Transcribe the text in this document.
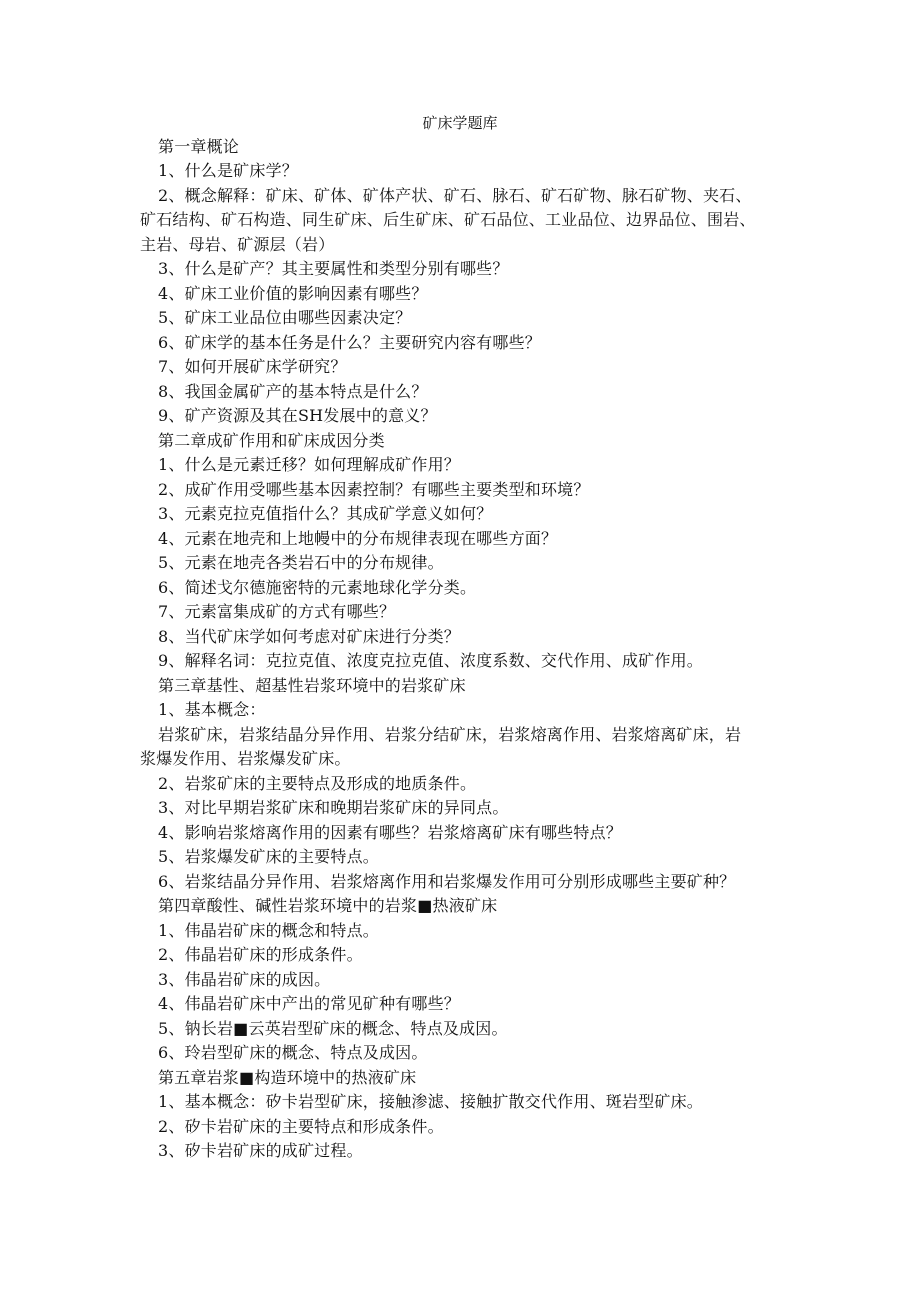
矿床学题库
第一章概论
1、什么是矿床学？
2、概念解释：矿床、矿体、矿体产状、矿石、脉石、矿石矿物、脉石矿物、夹石、
矿石结构、矿石构造、同生矿床、后生矿床、矿石品位、工业品位、边界品位、围岩、
主岩、母岩、矿源层（岩）
3、什么是矿产？其主要属性和类型分别有哪些？
4、矿床工业价值的影响因素有哪些？
5、矿床工业品位由哪些因素决定？
6、矿床学的基本任务是什么？主要研究内容有哪些？
7、如何开展矿床学研究？
8、我国金属矿产的基本特点是什么？
9、矿产资源及其在SH发展中的意义？
第二章成矿作用和矿床成因分类
1、什么是元素迁移？如何理解成矿作用？
2、成矿作用受哪些基本因素控制？有哪些主要类型和环境？
3、元素克拉克值指什么？其成矿学意义如何？
4、元素在地壳和上地幔中的分布规律表现在哪些方面？
5、元素在地壳各类岩石中的分布规律。
6、简述戈尔德施密特的元素地球化学分类。
7、元素富集成矿的方式有哪些？
8、当代矿床学如何考虑对矿床进行分类？
9、解释名词：克拉克值、浓度克拉克值、浓度系数、交代作用、成矿作用。
第三章基性、超基性岩浆环境中的岩浆矿床
1、基本概念：
岩浆矿床，岩浆结晶分异作用、岩浆分结矿床，岩浆熔离作用、岩浆熔离矿床，岩
浆爆发作用、岩浆爆发矿床。
2、岩浆矿床的主要特点及形成的地质条件。
3、对比早期岩浆矿床和晚期岩浆矿床的异同点。
4、影响岩浆熔离作用的因素有哪些？岩浆熔离矿床有哪些特点？
5、岩浆爆发矿床的主要特点。
6、岩浆结晶分异作用、岩浆熔离作用和岩浆爆发作用可分别形成哪些主要矿种？
第四章酸性、碱性岩浆环境中的岩浆■热液矿床
1、伟晶岩矿床的概念和特点。
2、伟晶岩矿床的形成条件。
3、伟晶岩矿床的成因。
4、伟晶岩矿床中产出的常见矿种有哪些？
5、钠长岩■云英岩型矿床的概念、特点及成因。
6、玲岩型矿床的概念、特点及成因。
第五章岩浆■构造环境中的热液矿床
1、基本概念：矽卡岩型矿床，接触渗滤、接触扩散交代作用、斑岩型矿床。
2、矽卡岩矿床的主要特点和形成条件。
3、矽卡岩矿床的成矿过程。
